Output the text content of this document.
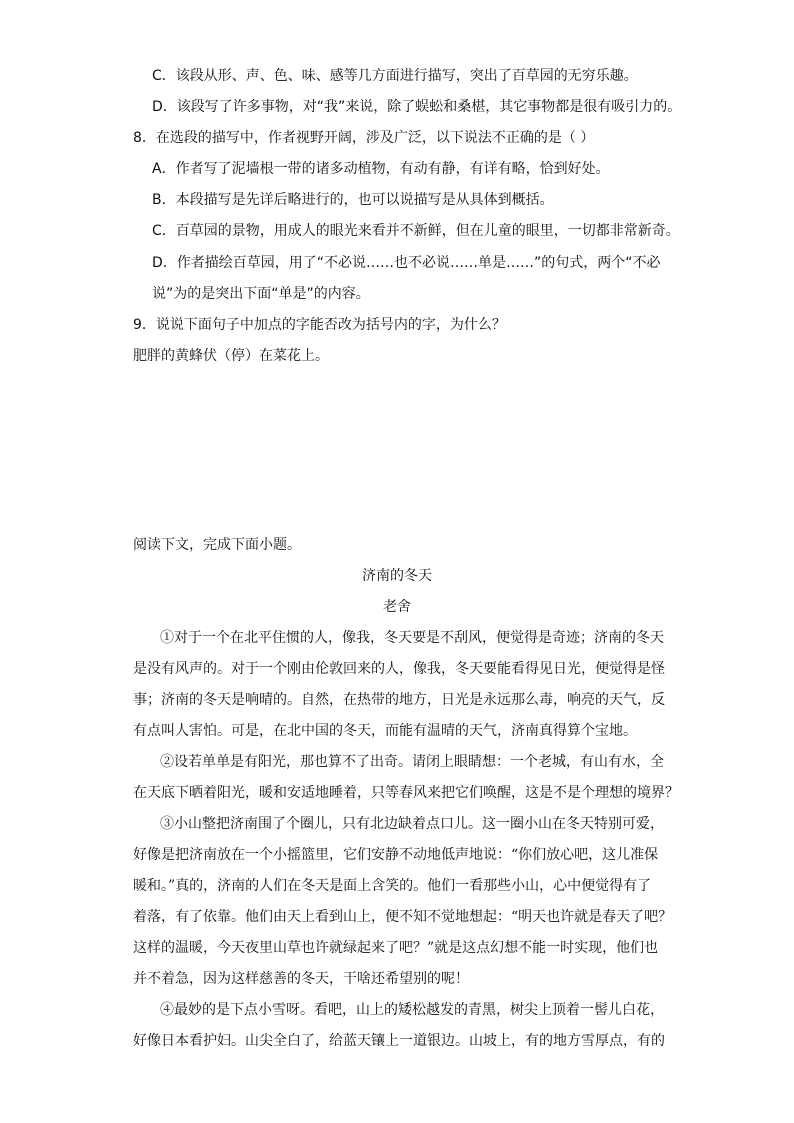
C．该段从形、声、色、味、感等几方面进行描写，突出了百草园的无穷乐趣。
D．该段写了许多事物，对“我”来说，除了蜈蚣和桑椹，其它事物都是很有吸引力的。
8．在选段的描写中，作者视野开阔，涉及广泛，以下说法不正确的是（ ）
A．作者写了泥墙根一带的诸多动植物，有动有静，有详有略，恰到好处。
B．本段描写是先详后略进行的，也可以说描写是从具体到概括。
C．百草园的景物，用成人的眼光来看并不新鲜，但在儿童的眼里，一切都非常新奇。
D．作者描绘百草园，用了“不必说……也不必说……单是……”的句式，两个“不必
说”为的是突出下面“单是”的内容。
9．说说下面句子中加点的字能否改为括号内的字，为什么？
肥胖的黄蜂伏（停）在菜花上。
阅读下文，完成下面小题。
济南的冬天
老舍
①对于一个在北平住惯的人，像我，冬天要是不刮风，便觉得是奇迹；济南的冬天
是没有风声的。对于一个刚由伦敦回来的人，像我，冬天要能看得见日光，便觉得是怪
事；济南的冬天是响晴的。自然，在热带的地方，日光是永远那么毒，响亮的天气，反
有点叫人害怕。可是，在北中国的冬天，而能有温晴的天气，济南真得算个宝地。
②设若单单是有阳光，那也算不了出奇。请闭上眼睛想：一个老城，有山有水，全
在天底下晒着阳光，暖和安适地睡着，只等春风来把它们唤醒，这是不是个理想的境界？
③小山整把济南围了个圈儿，只有北边缺着点口儿。这一圈小山在冬天特别可爱，
好像是把济南放在一个小摇篮里，它们安静不动地低声地说：“你们放心吧，这儿准保
暖和。”真的，济南的人们在冬天是面上含笑的。他们一看那些小山，心中便觉得有了
着落，有了依靠。他们由天上看到山上，便不知不觉地想起：“明天也许就是春天了吧？
这样的温暖，今天夜里山草也许就绿起来了吧？”就是这点幻想不能一时实现，他们也
并不着急，因为这样慈善的冬天，干啥还希望别的呢！
④最妙的是下点小雪呀。看吧，山上的矮松越发的青黑，树尖上顶着一髻儿白花，
好像日本看护妇。山尖全白了，给蓝天镶上一道银边。山坡上，有的地方雪厚点，有的
